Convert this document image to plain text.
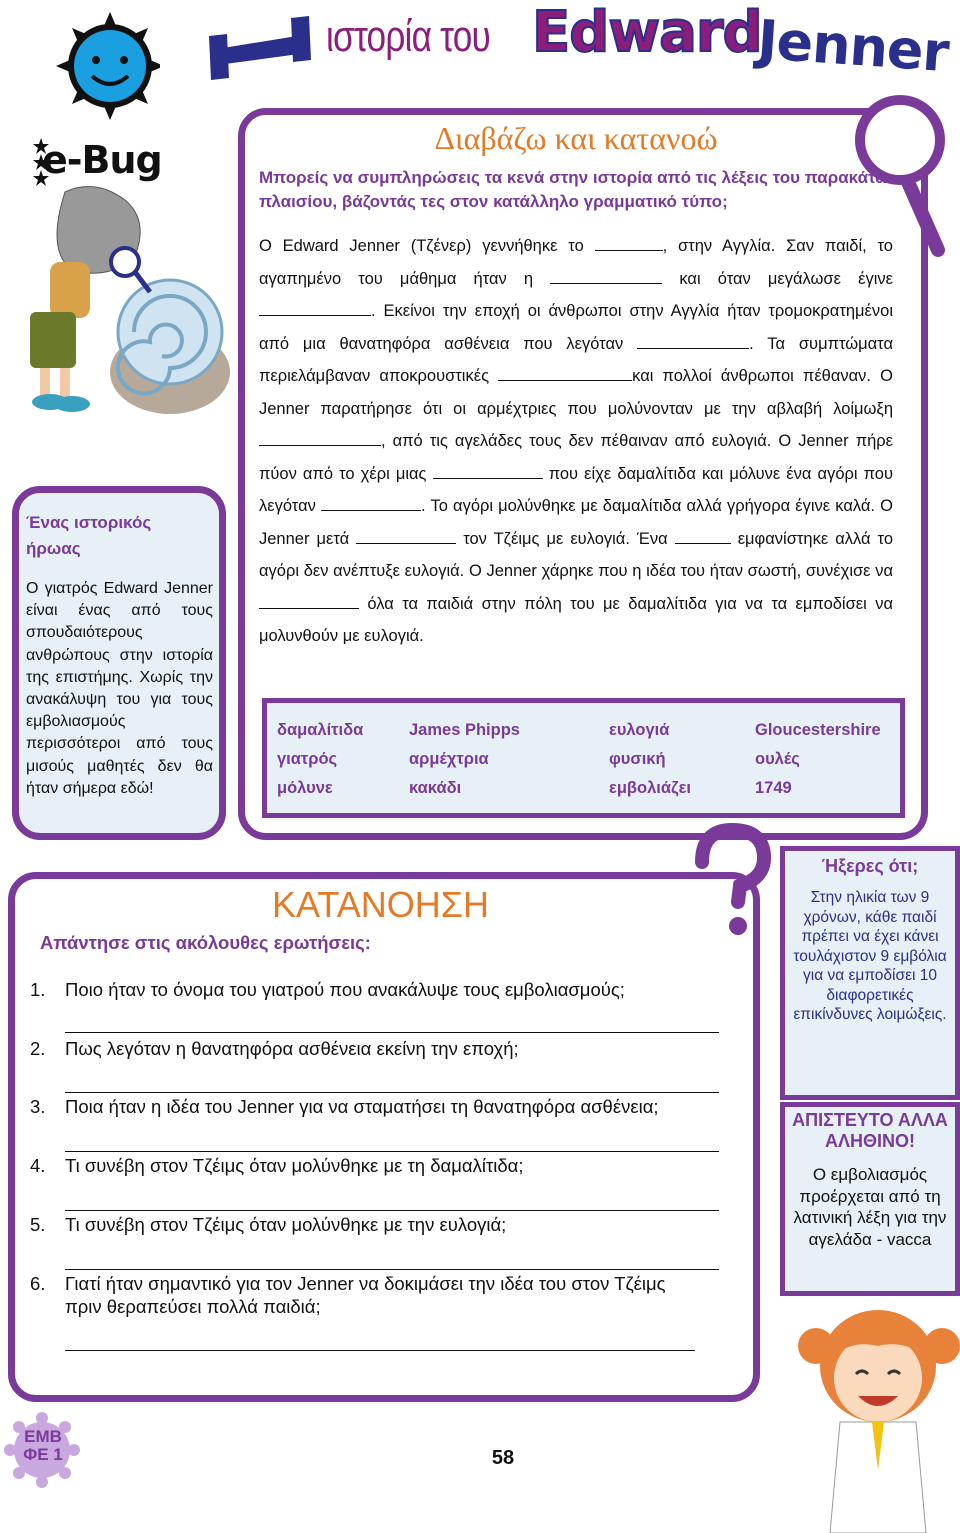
ιστορία του Edward
Jenner
e-Bug	Διαβάζω και κατανοώ
Μπορείς να συμπληρώσεις τα κενά στην ιστορία από τις λέξεις του παρακάτω πλαισίου, βάζοντάς τες στον κατάλληλο γραμματικό τύπο;
Ο Edward Jenner (Τζένερ) γεννήθηκε το	, στην Αγγλία. Σαν παιδί, το αγαπημένο του μάθημα ήταν η	και όταν μεγάλωσε έγινε . Εκείνοι την εποχή οι άνθρωποι στην Αγγλία ήταν τρομοκρατημένοι από μια θανατηφόρα ασθένεια που λεγόταν	. Τα συμπτώματα περιελάμβαναν αποκρουστικές	και πολλοί άνθρωποι πέθαναν. Ο Jenner παρατήρησε ότι οι αρμέχτριες που μολύνονταν με την αβλαβή λοίμωξη , από τις αγελάδες τους δεν πέθαιναν από ευλογιά. Ο Jenner πήρε πύον από το χέρι μιας	που είχε δαμαλίτιδα και μόλυνε ένα αγόρι που λεγόταν	. Το αγόρι μολύνθηκε με δαμαλίτιδα αλλά γρήγορα έγινε καλά. Ο Jenner μετά	τον Τζέιμς με ευλογιά. Ένα	εμφανίστηκε αλλά το αγόρι δεν ανέπτυξε ευλογιά. Ο Jenner χάρηκε που η ιδέα του ήταν σωστή, συνέχισε να  όλα τα παιδιά στην πόλη του με δαμαλίτιδα για να τα εμποδίσει να μολυνθούν με ευλογιά.
δαμαλίτιδα	James Phipps	ευλογιά	Gloucestershire
γιατρός	αρμέχτρια	φυσική	ουλές
μόλυνε	κακάδι	εμβολιάζει	1749
Ένας ιστορικός ήρωας
Ο γιατρός Edward Jenner είναι ένας από τους σπουδαιότερους ανθρώπους στην ιστορία της επιστήμης. Χωρίς την ανακάλυψη του για τους εμβολιασμούς περισσότεροι από τους μισούς μαθητές δεν θα ήταν σήμερα εδώ!
ΚΑΤΑΝΟΗΣΗ
Απάντησε στις ακόλουθες ερωτήσεις:
1. Ποιο ήταν το όνομα του γιατρού που ανακάλυψε τους εμβολιασμούς;
2. Πως λεγόταν η θανατηφόρα ασθένεια εκείνη την εποχή;
3. Ποια ήταν η ιδέα του Jenner για να σταματήσει τη θανατηφόρα ασθένεια;
4. Τι συνέβη στον Τζέιμς όταν μολύνθηκε με τη δαμαλίτιδα;
5. Τι συνέβη στον Τζέιμς όταν μολύνθηκε με την ευλογιά;
6. Γιατί ήταν σημαντικό για τον Jenner να δοκιμάσει την ιδέα του στον Τζέιμς πριν θεραπεύσει πολλά παιδιά;
Ήξερες ότι;
Στην ηλικία των 9 χρόνων, κάθε παιδί πρέπει να έχει κάνει τουλάχιστον 9 εμβόλια για να εμποδίσει 10 διαφορετικές επικίνδυνες λοιμώξεις.
ΑΠΙΣΤΕΥΤΟ ΑΛΛΑ ΑΛΗΘΙΝΟ!
Ο εμβολιασμός προέρχεται από τη λατινική λέξη για την αγελάδα - vacca
ΕΜΒ
ΦΕ 1	58
